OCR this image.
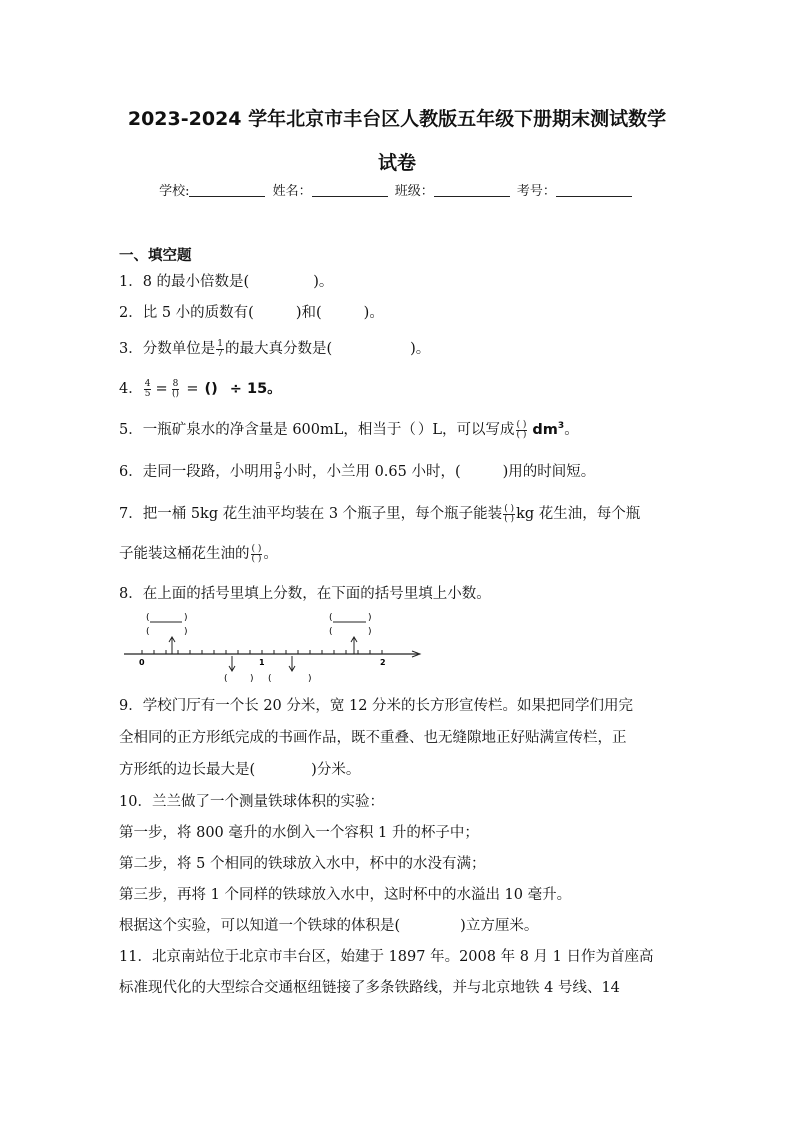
2023-2024 学年北京市丰台区人教版五年级下册期末测试数学
试卷
学校:	姓名：	班级：	考号：
一、填空题
1．8 的最小倍数是(	)。
2．比 5 小的质数有(	)和(	)。
3．分数单位是 $\frac{1}{7}$ 的最大真分数是(	)。
4． $\frac{4}{5} = \frac{8}{()}$ = () ÷ 15。
5．一瓶矿泉水的净含量是 600mL，相当于（ ）L，可以写成 $\frac{( )}{( )} dm^3$。
6．走同一段路，小明用 $\frac{5}{8}$ 小时，小兰用 0.65 小时，(	)用的时间短。
7．把一桶 5kg 花生油平均装在 3 个瓶子里，每个瓶子能装 $\frac{( )}{( )}$ kg 花生油，每个瓶
子能装这桶花生油的 $\frac{( )}{( )}$ 。
8．在上面的括号里填上分数，在下面的括号里填上小数。
(	)
(	)
(	)
(	)
0	1	2
( ) (	)
9．学校门厅有一个长 20 分米，宽 12 分米的长方形宣传栏。如果把同学们用完
全相同的正方形纸完成的书画作品，既不重叠、也无缝隙地正好贴满宣传栏，正
方形纸的边长最大是(	)分米。
10．兰兰做了一个测量铁球体积的实验：
第一步，将 800 毫升的水倒入一个容积 1 升的杯子中；
第二步，将 5 个相同的铁球放入水中，杯中的水没有满；
第三步，再将 1 个同样的铁球放入水中，这时杯中的水溢出 10 毫升。
根据这个实验，可以知道一个铁球的体积是(	)立方厘米。
11．北京南站位于北京市丰台区，始建于 1897 年。2008 年 8 月 1 日作为首座高
标准现代化的大型综合交通枢纽链接了多条铁路线，并与北京地铁 4 号线、14
